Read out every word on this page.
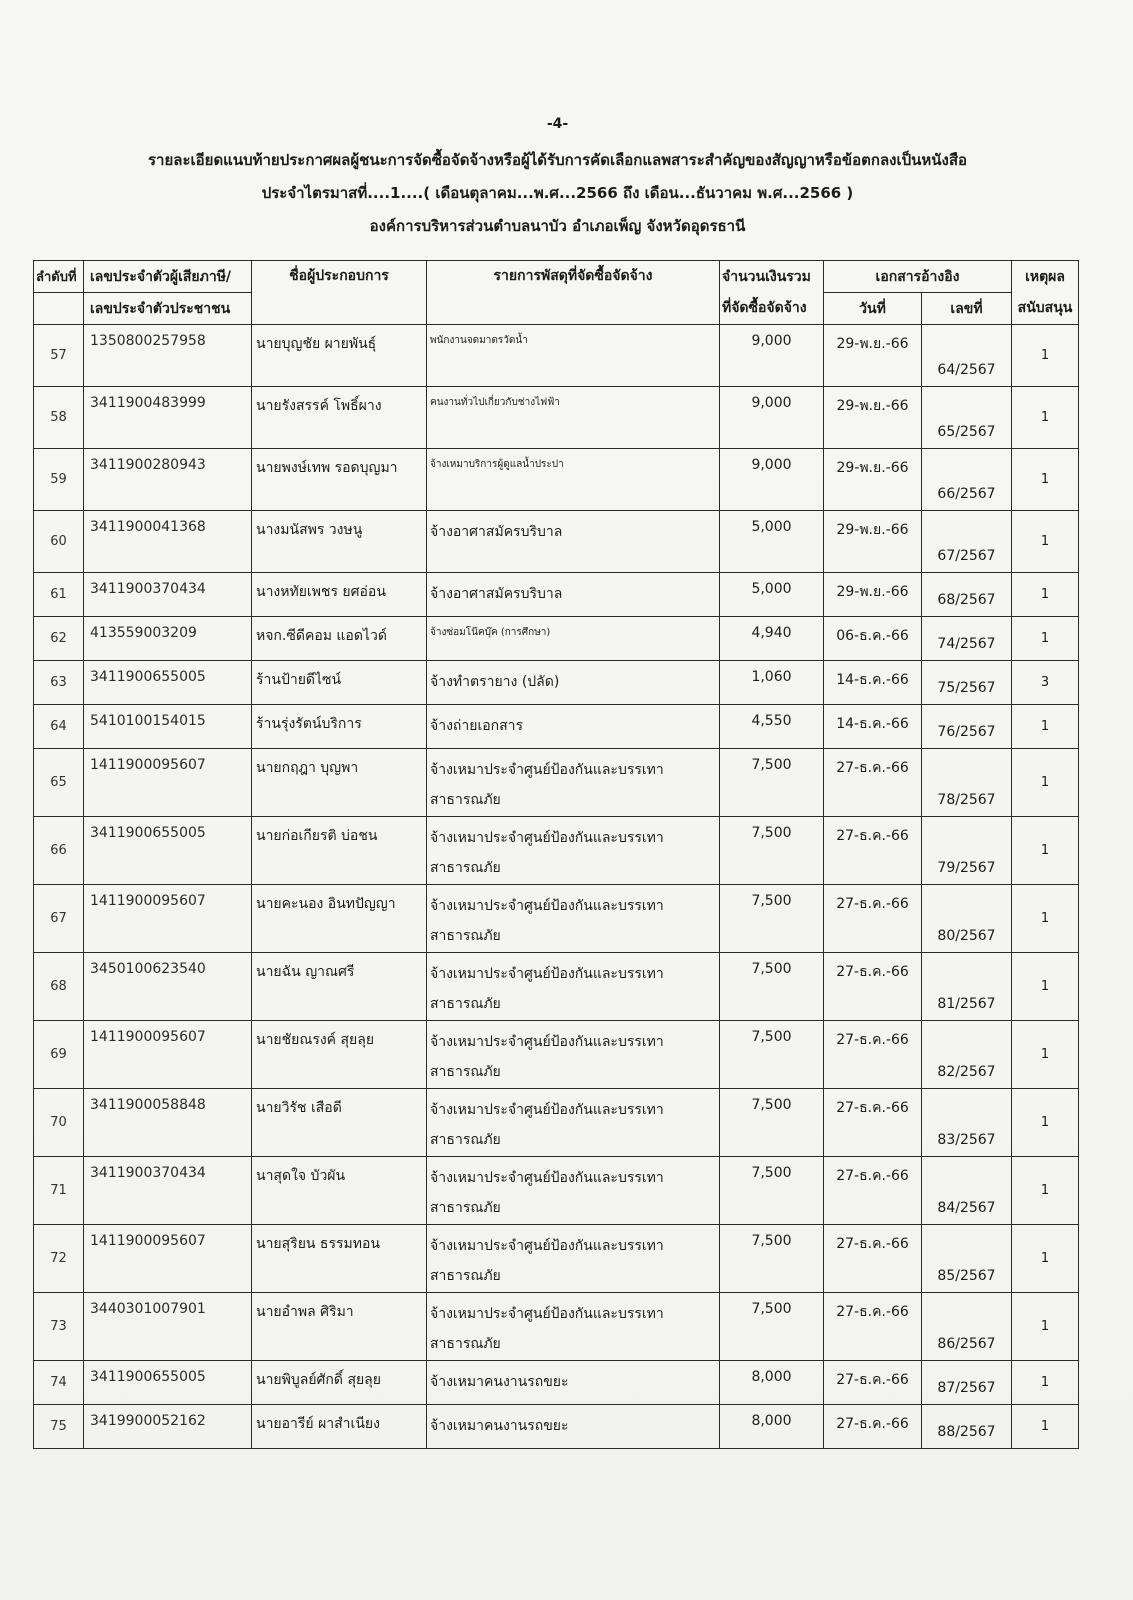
-4-
รายละเอียดแนบท้ายประกาศผลผู้ชนะการจัดซื้อจัดจ้างหรือผู้ได้รับการคัดเลือกแลพสาระสำคัญของสัญญาหรือข้อตกลงเป็นหนังสือ
ประจำไตรมาสที่....1....( เดือนตุลาคม...พ.ศ...2566 ถึง เดือน...ธันวาคม พ.ศ...2566 )
องค์การบริหารส่วนตำบลนาบัว อำเภอเพ็ญ จังหวัดอุดรธานี
ลำดับที่	เลขประจำตัวผู้เสียภาษี/	ชื่อผู้ประกอบการ	รายการพัสดุที่จัดซื้อจัดจ้าง	จำนวนเงินรวม	เอกสารอ้างอิง		เหตุผล
	เลขประจำตัวประชาชน			ที่จัดซื้อจัดจ้าง	วันที่	เลขที่	สนับสนุน
57	1350800257958	นายบุญชัย ผายพันธุ์	พนักงานจดมาตรวัดน้ำ	9,000	29-พ.ย.-66	64/2567	1
58	3411900483999	นายรังสรรค์ โพธิ์ผาง	คนงานทั่วไปเกี่ยวกับช่างไฟฟ้า	9,000	29-พ.ย.-66	65/2567	1
59	3411900280943	นายพงษ์เทพ รอดบุญมา	จ้างเหมาบริการผู้ดูแลน้ำประปา	9,000	29-พ.ย.-66	66/2567	1
60	3411900041368	นางมนัสพร วงษนู	จ้างอาศาสมัครบริบาล	5,000	29-พ.ย.-66	67/2567	1
61	3411900370434	นางหทัยเพชร ยศอ่อน	จ้างอาศาสมัครบริบาล	5,000	29-พ.ย.-66	68/2567	1
62	413559003209	หจก.ซีดีคอม แอดไวด์	จ้างซ่อมโน๊คบุ๊ค (การศึกษา)	4,940	06-ธ.ค.-66	74/2567	1
63	3411900655005	ร้านป้ายดีไซน์	จ้างทำตรายาง (ปลัด)	1,060	14-ธ.ค.-66	75/2567	3
64	5410100154015	ร้านรุ่งรัตน์บริการ	จ้างถ่ายเอกสาร	4,550	14-ธ.ค.-66	76/2567	1
65	1411900095607	นายกฤฎา บุญพา	จ้างเหมาประจำศูนย์ป้องกันและบรรเทาสาธารณภัย	7,500	27-ธ.ค.-66	78/2567	1
66	3411900655005	นายก่อเกียรติ บ่อชน	จ้างเหมาประจำศูนย์ป้องกันและบรรเทาสาธารณภัย	7,500	27-ธ.ค.-66	79/2567	1
67	1411900095607	นายคะนอง อินทปัญญา	จ้างเหมาประจำศูนย์ป้องกันและบรรเทาสาธารณภัย	7,500	27-ธ.ค.-66	80/2567	1
68	3450100623540	นายฉัน ญาณศรี	จ้างเหมาประจำศูนย์ป้องกันและบรรเทาสาธารณภัย	7,500	27-ธ.ค.-66	81/2567	1
69	1411900095607	นายชัยณรงค์ สุยลุย	จ้างเหมาประจำศูนย์ป้องกันและบรรเทาสาธารณภัย	7,500	27-ธ.ค.-66	82/2567	1
70	3411900058848	นายวิรัช เสือดี	จ้างเหมาประจำศูนย์ป้องกันและบรรเทาสาธารณภัย	7,500	27-ธ.ค.-66	83/2567	1
71	3411900370434	นาสุดใจ บัวผัน	จ้างเหมาประจำศูนย์ป้องกันและบรรเทาสาธารณภัย	7,500	27-ธ.ค.-66	84/2567	1
72	1411900095607	นายสุริยน ธรรมทอน	จ้างเหมาประจำศูนย์ป้องกันและบรรเทาสาธารณภัย	7,500	27-ธ.ค.-66	85/2567	1
73	3440301007901	นายอำพล ศิริมา	จ้างเหมาประจำศูนย์ป้องกันและบรรเทาสาธารณภัย	7,500	27-ธ.ค.-66	86/2567	1
74	3411900655005	นายพิบูลย์ศักดิ์ สุยลุย	จ้างเหมาคนงานรถขยะ	8,000	27-ธ.ค.-66	87/2567	1
75	3419900052162	นายอารีย์ ผาสำเนียง	จ้างเหมาคนงานรถขยะ	8,000	27-ธ.ค.-66	88/2567	1
